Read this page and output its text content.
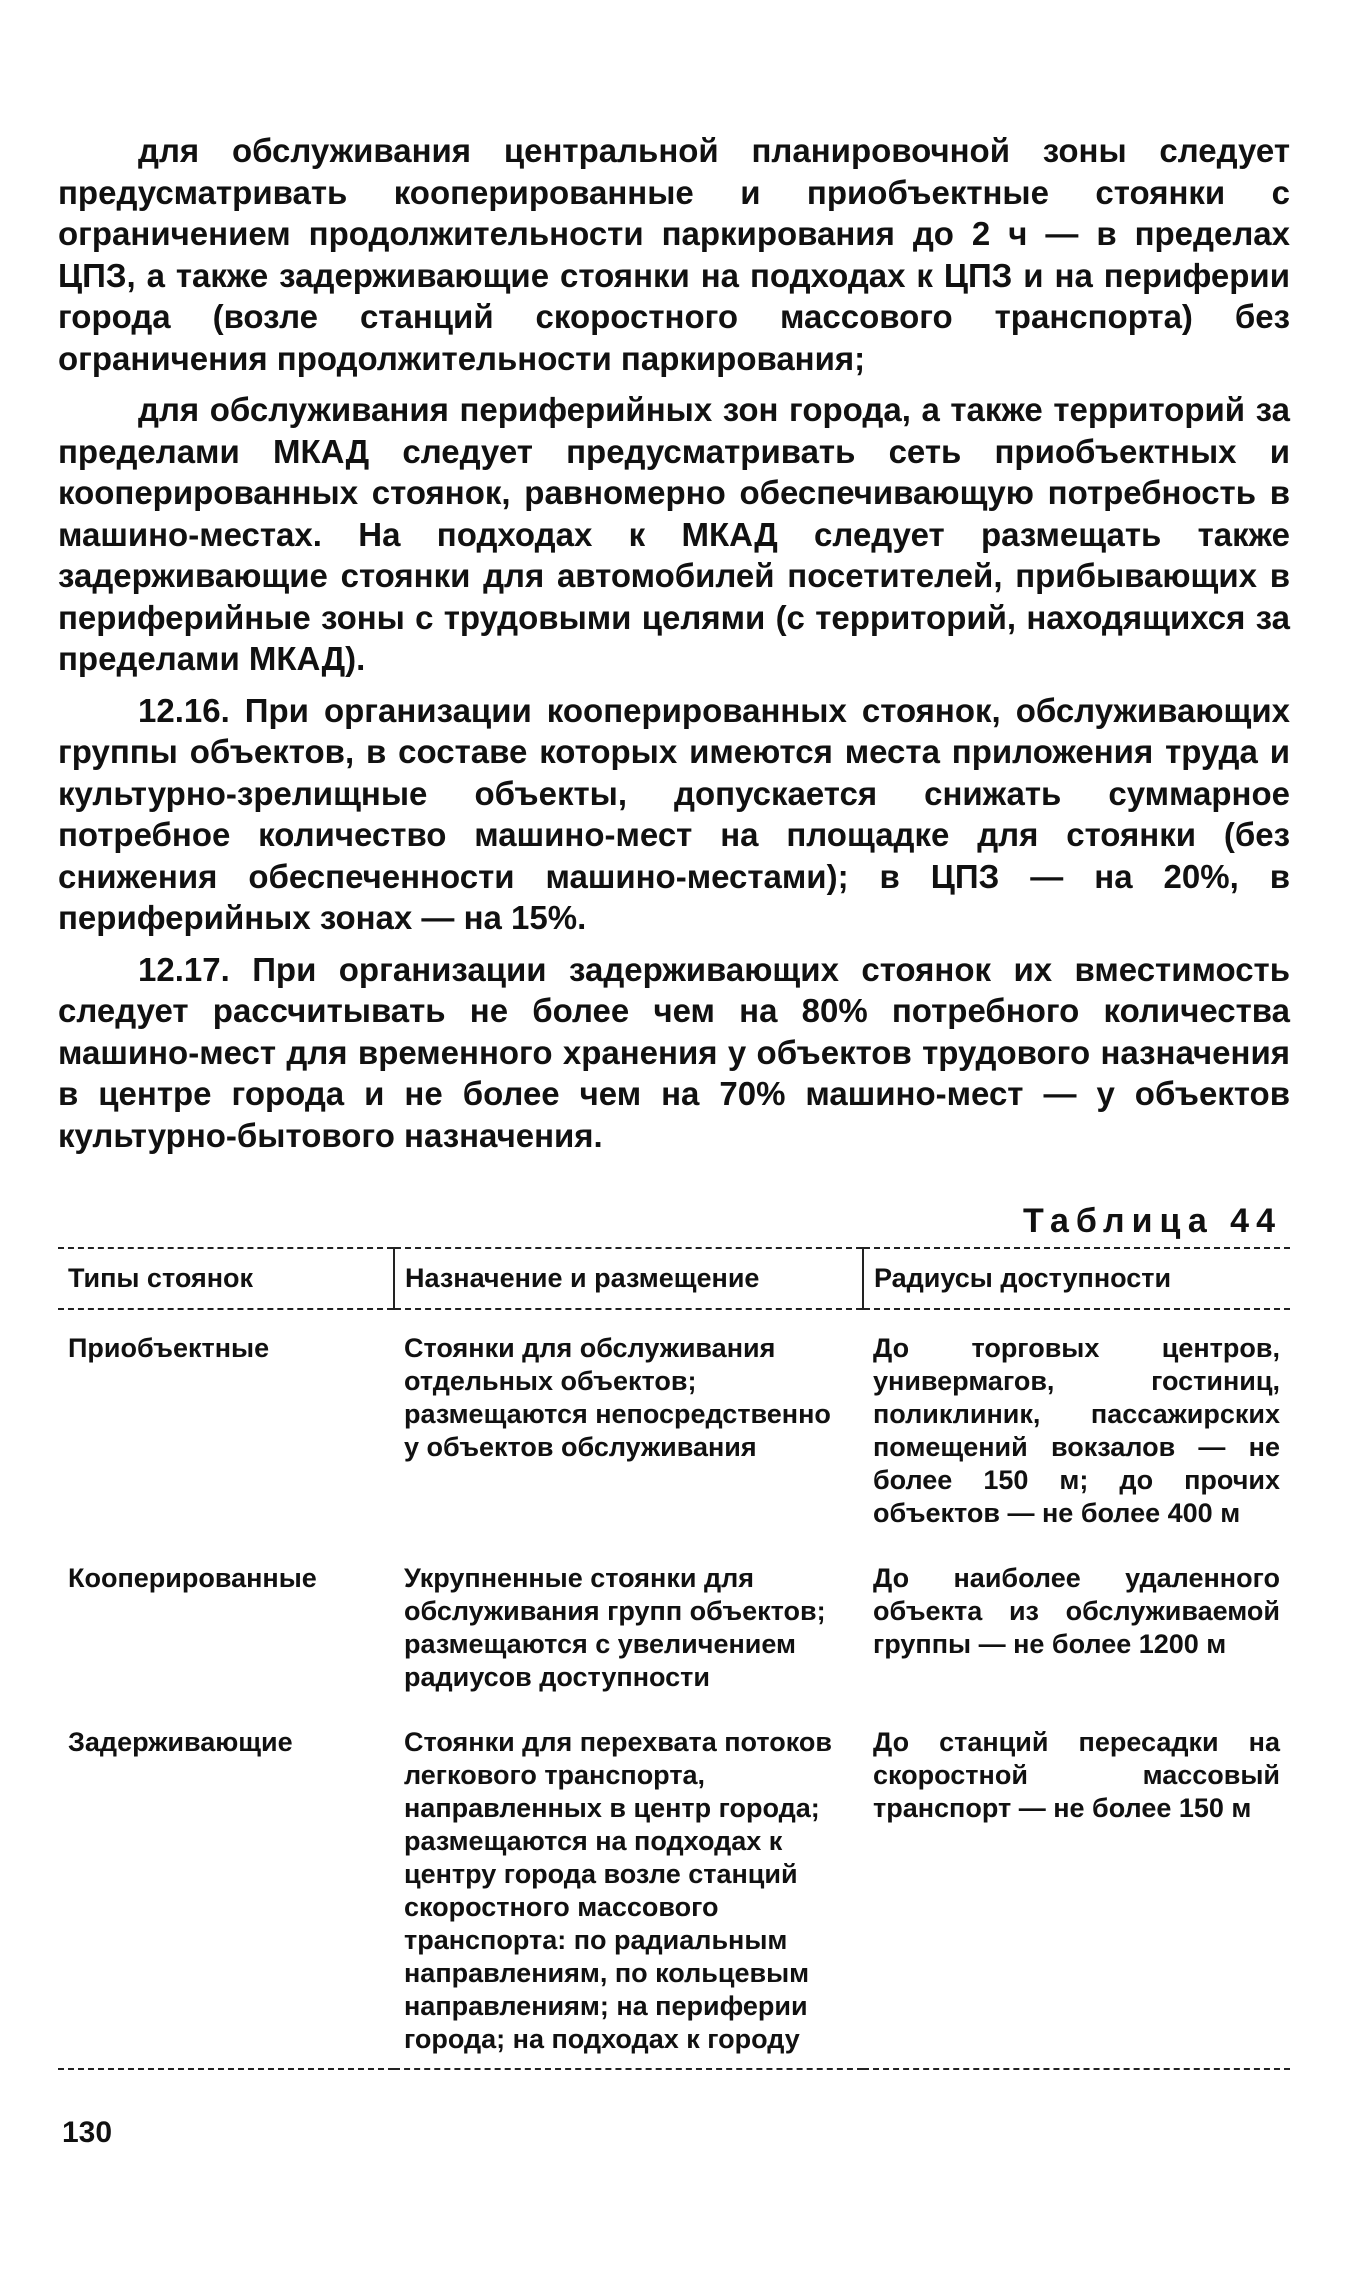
для обслуживания центральной планировочной зоны следует предусматривать кооперированные и приобъектные стоянки с ограничением продолжительности паркирования до 2 ч — в пределах ЦПЗ, а также задерживающие стоянки на подходах к ЦПЗ и на периферии города (возле станций скоростного массового транспорта) без ограничения продолжительности паркирования;

для обслуживания периферийных зон города, а также территорий за пределами МКАД следует предусматривать сеть приобъектных и кооперированных стоянок, равномерно обеспечивающую потребность в машино-местах. На подходах к МКАД следует размещать также задерживающие стоянки для автомобилей посетителей, прибывающих в периферийные зоны с трудовыми целями (с территорий, находящихся за пределами МКАД).

12.16. При организации кооперированных стоянок, обслуживающих группы объектов, в составе которых имеются места приложения труда и культурно-зрелищные объекты, допускается снижать суммарное потребное количество машино-мест на площадке для стоянки (без снижения обеспеченности машино-местами); в ЦПЗ — на 20%, в периферийных зонах — на 15%.

12.17. При организации задерживающих стоянок их вместимость следует рассчитывать не более чем на 80% потребного количества машино-мест для временного хранения у объектов трудового назначения в центре города и не более чем на 70% машино-мест — у объектов культурно-бытового назначения.

Таблица 44
Типы стоянок	Назначение и размещение	Радиусы доступности
Приобъектные	Стоянки для обслуживания отдельных объектов; размещаются непосредственно у объектов обслуживания	До торговых центров, универмагов, гостиниц, поликлиник, пассажирских помещений вокзалов — не более 150 м; до прочих объектов — не более 400 м
Кооперированные	Укрупненные стоянки для обслуживания групп объектов; размещаются с увеличением радиусов доступности	До наиболее удаленного объекта из обслуживаемой группы — не более 1200 м
Задерживающие	Стоянки для перехвата потоков легкового транспорта, направленных в центр города; размещаются на подходах к центру города возле станций скоростного массового транспорта: по радиальным направлениям, по кольцевым направлениям; на периферии города; на подходах к городу	До станций пересадки на скоростной массовый транспорт — не более 150 м
130
